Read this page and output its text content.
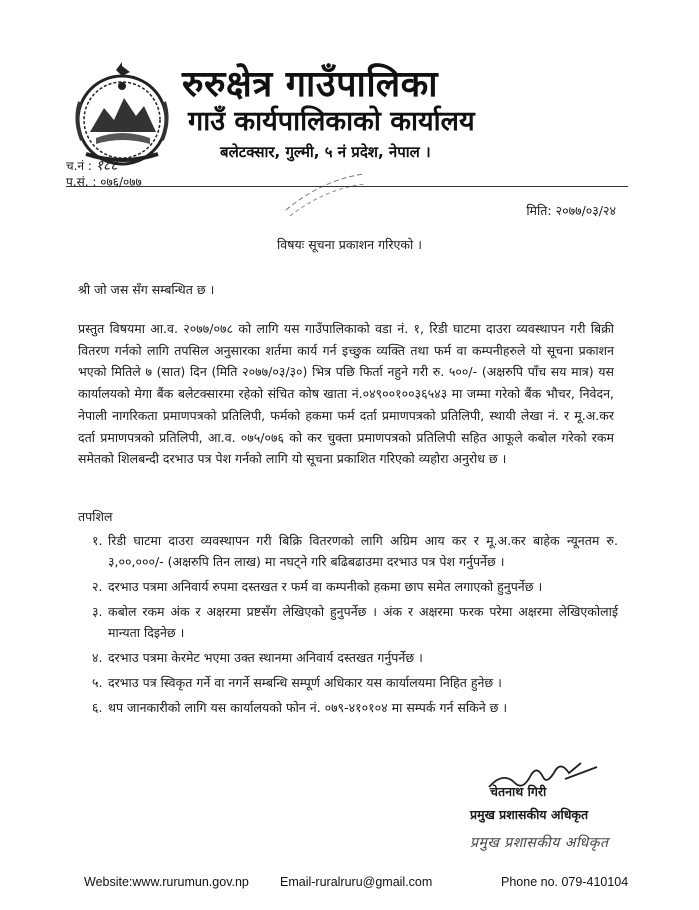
रुरुक्षेत्र गाउँपालिका
गाउँ कार्यपालिकाको कार्यालय
बलेटक्सार, गुल्मी, ५ नं प्रदेश, नेपाल ।
च.नं : १८८
प.सं. : ०७६/०७७
मिति: २०७७/०३/२४
विषयः सूचना प्रकाशन गरिएको ।
श्री जो जस सँग सम्बन्धित छ ।
प्रस्तुत विषयमा आ.व. २०७७/०७८ को लागि यस गाउँपालिकाको वडा नं. १, रिडी घाटमा दाउरा व्यवस्थापन गरी बिक्री वितरण गर्नको लागि तपसिल अनुसारका शर्तमा कार्य गर्न इच्छुक व्यक्ति तथा फर्म वा कम्पनीहरुले यो सूचना प्रकाशन भएको मितिले ७ (सात) दिन (मिति २०७७/०३/३०) भित्र पछि फिर्ता नहुने गरी रु. ५००/- (अक्षरुपि पाँच सय मात्र) यस कार्यालयको मेगा बैंक बलेटक्सारमा रहेको संचित कोष खाता नं.०४९००१००३६५४३ मा जम्मा गरेको बैंक भौचर, निवेदन, नेपाली नागरिकता प्रमाणपत्रको प्रतिलिपी, फर्मको हकमा फर्म दर्ता प्रमाणपत्रको प्रतिलिपी, स्थायी लेखा नं. र मू.अ.कर दर्ता प्रमाणपत्रको प्रतिलिपी, आ.व. ०७५/०७६ को कर चुक्ता प्रमाणपत्रको प्रतिलिपी सहित आफूले कबोल गरेको रकम समेतको शिलबन्दी दरभाउ पत्र पेश गर्नको लागि यो सूचना प्रकाशित गरिएको व्यहोरा अनुरोध छ ।
तपशिल
१. रिडी घाटमा दाउरा व्यवस्थापन गरी बिक्रि वितरणको लागि अग्रिम आय कर र मू.अ.कर बाहेक न्यूनतम रु. ३,००,०००/- (अक्षरुपि तिन लाख) मा नघट्ने गरि बढिबढाउमा दरभाउ पत्र पेश गर्नुपर्नेछ ।
२. दरभाउ पत्रमा अनिवार्य रुपमा दस्तखत र फर्म वा कम्पनीको हकमा छाप समेत लगाएको हुनुपर्नेछ ।
३. कबोल रकम अंक र अक्षरमा प्रष्टसँग लेखिएको हुनुपर्नेछ । अंक र अक्षरमा फरक परेमा अक्षरमा लेखिएकोलाई मान्यता दिइनेछ ।
४. दरभाउ पत्रमा केरमेट भएमा उक्त स्थानमा अनिवार्य दस्तखत गर्नुपर्नेछ ।
५. दरभाउ पत्र स्विकृत गर्ने वा नगर्ने सम्बन्धि सम्पूर्ण अधिकार यस कार्यालयमा निहित हुनेछ ।
६. थप जानकारीको लागि यस कार्यालयको फोन नं. ०७९-४१०१०४ मा सम्पर्क गर्न सकिने छ ।
चेतनाथ गिरी
प्रमुख प्रशासकीय अधिकृत
प्रमुख प्रशासकीय अधिकृत
Website:www.rurumun.gov.np Email-ruralruru@gmail.com	Phone no. 079-410104
